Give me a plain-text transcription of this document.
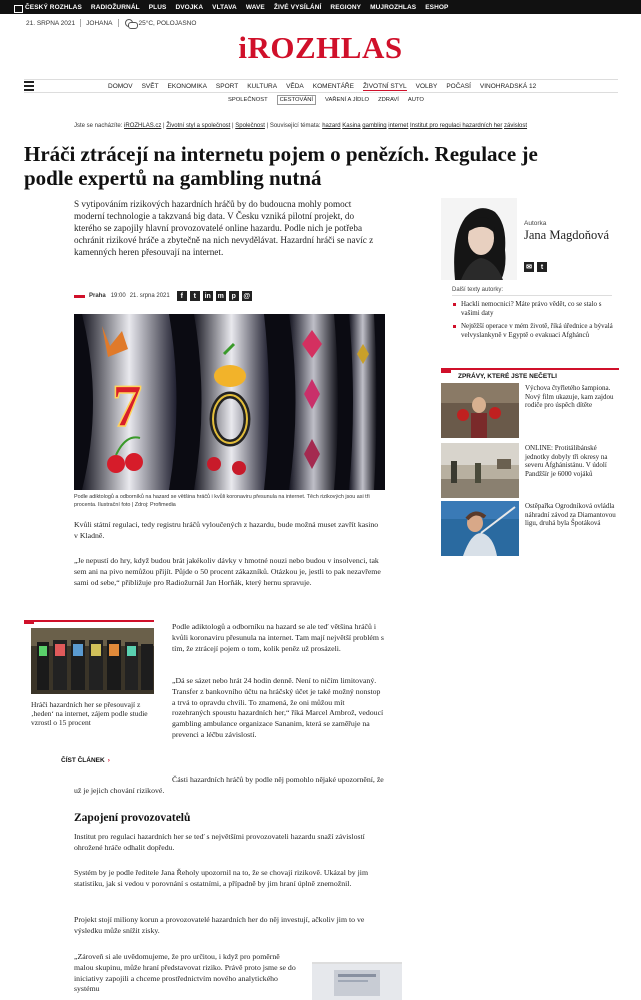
ČESKÝ ROZHLAS RADIOŽURNÁL PLUS DVOJKA VLTAVA WAVE ŽIVÉ VYSÍLÁNÍ REGIONY MUJROZHLAS ESHOP
21. SRPNA 2021 JOHANA	25°C, POLOJASNO
iROZHLAS
DOMOV SVĚT EKONOMIKA SPORT KULTURA VĚDA KOMENTÁŘE ŽIVOTNÍ STYL VOLBY POČASÍ VINOHRADSKÁ 12
SPOLEČNOST	CESTOVÁNÍ	VAŘENÍ A JÍDLO ZDRAVÍ AUTO
Jste se nacházíte: iROZHLAS.cz | Životní styl a společnost | Společnost | Související témata: hazard Kasina gambling internet Institut pro regulaci hazardních her závislost
Hráči ztrácejí na internetu pojem o penězích. Regulace je podle expertů na gambling nutná

S vytipováním rizikových hazardních hráčů by do budoucna mohly pomoct moderní technologie a takzvaná big data. V Česku vzniká pilotní projekt, do kterého se zapojily hlavní provozovatelé online hazardu. Podle nich je potřeba ochránit rizikové hráče a zbytečně na nich nevydělávat. Hazardní hráči se navíc z kamenných heren přesouvají na internet.

Praha 19:00 21. srpna 2021	f	t	in m	p	@
7
Podle adiktologů a odborníků na hazard se většina hráčů i kvůli koronaviru přesunula na internet. Těch rizikových jsou asi tři procenta. Ilustrační foto | Zdroj: Profimedia

Kvůli státní regulaci, tedy registru hráčů vyloučených z hazardu, bude možná muset zavřít kasino v Kladně.

„Je nepustí do hry, když budou brát jakékoliv dávky v hmotné nouzi nebo budou v insolvenci, tak sem ani na pivo nemůžou přijít. Půjde o 50 procent zákazníků. Otázkou je, jestli to pak nezavřeme sami od sebe,“ přibližuje pro Radiožurnál Jan Horňák, který hernu spravuje.

Hráči hazardních her se přesouvají z ‚heden‘ na internet, zájem podle studie vzrostl o 15 procent
ČÍST ČLÁNEK ›

Podle adiktologů a odborníku na hazard se ale teď většina hráčů i kvůli koronaviru přesunula na internet. Tam mají největší problém s tím, že ztrácejí pojem o tom, kolik peněz už prosázeli.

„Dá se sázet nebo hrát 24 hodin denně. Není to ničím limitovaný. Transfer z bankovního účtu na hráčský účet je také možný nonstop a trvá to opravdu chvíli. To znamená, že oni můžou mít rozehraných spoustu hazardních her,“ říká Marcel Ambrož, vedoucí gambling ambulance organizace Sananim, která se zaměřuje na prevenci a léčbu závislostí.

Části hazardních hráčů by podle něj pomohlo nějaké upozornění, že už je jejich chování rizikové.

Zapojení provozovatelů

Institut pro regulaci hazardních her se teď s největšími provozovateli hazardu snaží závislostí ohrožené hráče odhalit dopředu.

Systém by je podle ředitele Jana Řeholy upozornil na to, že se chovají rizikově. Ukázal by jim statistiku, jak si vedou v porovnání s ostatními, a případně by jim hraní úplně znemožnil.

Projekt stojí miliony korun a provozovatelé hazardních her do něj investují, ačkoliv jim to ve výsledku může snížit zisky.

„Zároveň si ale uvědomujeme, že pro určitou, i když pro poměrně malou skupinu, může hraní představovat riziko. Právě proto jsme se do iniciativy zapojili a chceme prostřednictvím nového analytického systému

Autorka
Jana Magdoňová
✉	t
Další texty autorky:
Hackli nemocnici? Máte právo vědět, co se stalo s vašimi daty
Nejtěžší operace v mém životě, říká úřednice a bývalá velvyslankyně v Egyptě o evakuaci Afghánců
ZPRÁVY, KTERÉ JSTE NEČETLI
Výchova čtyřletého šampiona. Nový film ukazuje, kam zajdou rodiče pro úspěch dítěte
ONLINE: Protitálibánské jednotky dobyly tři okresy na severu Afghánistánu. V údolí Pandžšír je 6000 vojáků
Ostěpařka Ogrodníková ovládla náhradní závod za Diamantovou ligu, druhá byla Špotáková
